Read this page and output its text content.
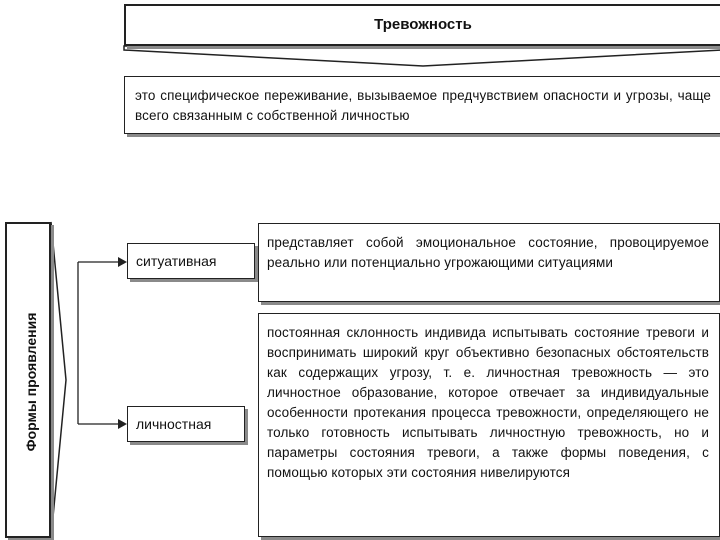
Тревожность
это специфическое переживание, вызываемое предчувствием опасности и угрозы, чаще всего связанным с собственной личностью
Формы проявления
ситуативная
личностная
представляет собой эмоциональное состояние, провоцируемое реально или потенциально угрожающими ситуациями
постоянная склонность индивида испытывать состояние тревоги и воспринимать широкий круг объективно безопасных обстоятельств как содержащих угрозу, т. е. личностная тревожность — это личностное образование, которое отвечает за индивидуальные особенности протекания процесса тревожности, определяющего не только готовность испытывать личностную тревожность, но и параметры состояния тревоги, а также формы поведения, с помощью которых эти состояния нивелируются
